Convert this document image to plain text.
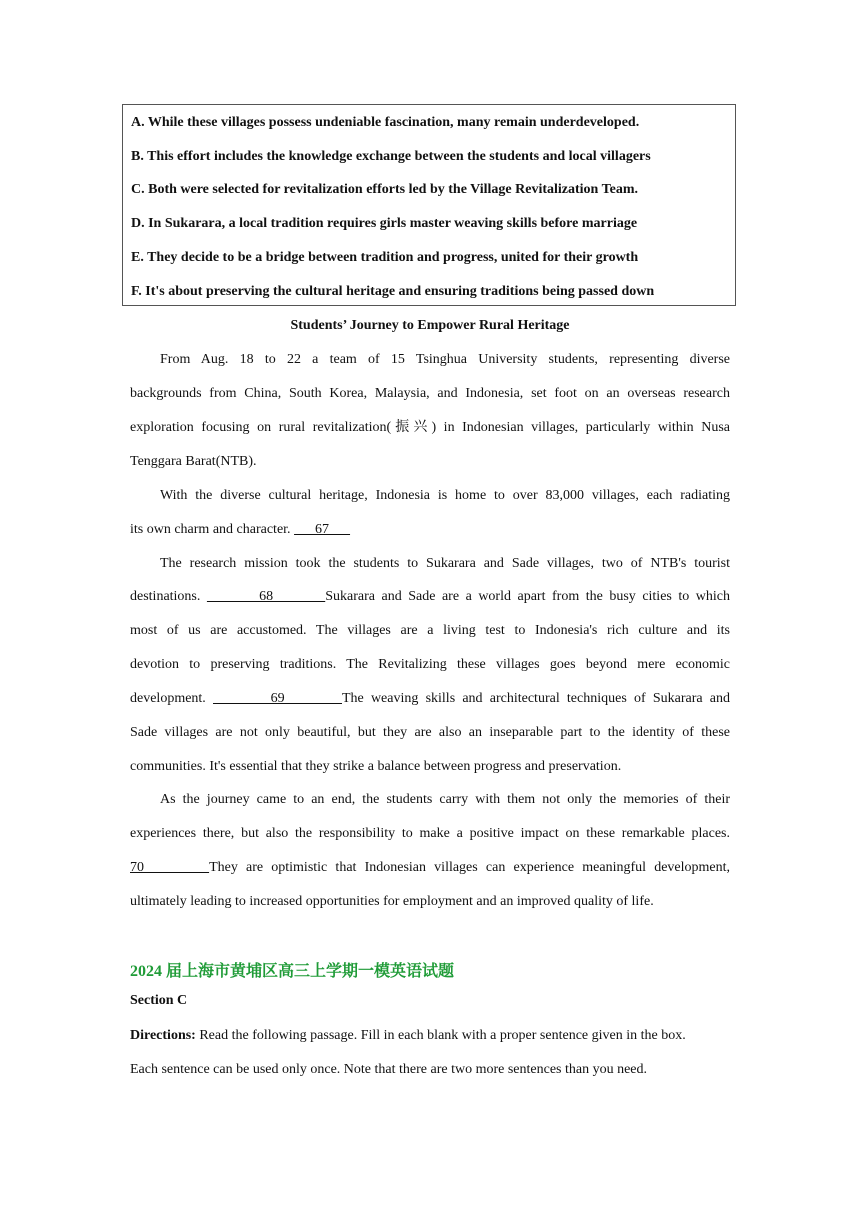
A. While these villages possess undeniable fascination, many remain underdeveloped.
B. This effort includes the knowledge exchange between the students and local villagers
C. Both were selected for revitalization efforts led by the Village Revitalization Team.
D. In Sukarara, a local tradition requires girls master weaving skills before marriage
E. They decide to be a bridge between tradition and progress, united for their growth
F. It's about preserving the cultural heritage and ensuring traditions being passed down
Students’ Journey to Empower Rural Heritage
From Aug. 18 to 22 a team of 15 Tsinghua University students, representing diverse
backgrounds from China, South Korea, Malaysia, and Indonesia, set foot on an overseas research
exploration focusing on rural revitalization(振兴) in Indonesian villages, particularly within Nusa
Tenggara Barat(NTB).
With the diverse cultural heritage, Indonesia is home to over 83,000 villages, each radiating
its own charm and character.       67
The research mission took the students to Sukarara and Sade villages, two of NTB's tourist
destinations.         68        Sukarara and Sade are a world apart from the busy cities to which
most of us are accustomed. The villages are a living test to Indonesia's rich culture and its
devotion to preserving traditions. The Revitalizing these villages goes beyond mere economic
development.         69        The weaving skills and architectural techniques of Sukarara and
Sade villages are not only beautiful, but they are also an inseparable part to the identity of these
communities. It's essential that they strike a balance between progress and preservation.
As the journey came to an end, the students carry with them not only the memories of their
experiences there, but also the responsibility to make a positive impact on these remarkable places.
70        They are optimistic that Indonesian villages can experience meaningful development,
ultimately leading to increased opportunities for employment and an improved quality of life.
2024 届上海市黄埔区高三上学期一模英语试题
Section C
Directions: Read the following passage. Fill in each blank with a proper sentence given in the box.
Each sentence can be used only once. Note that there are two more sentences than you need.
